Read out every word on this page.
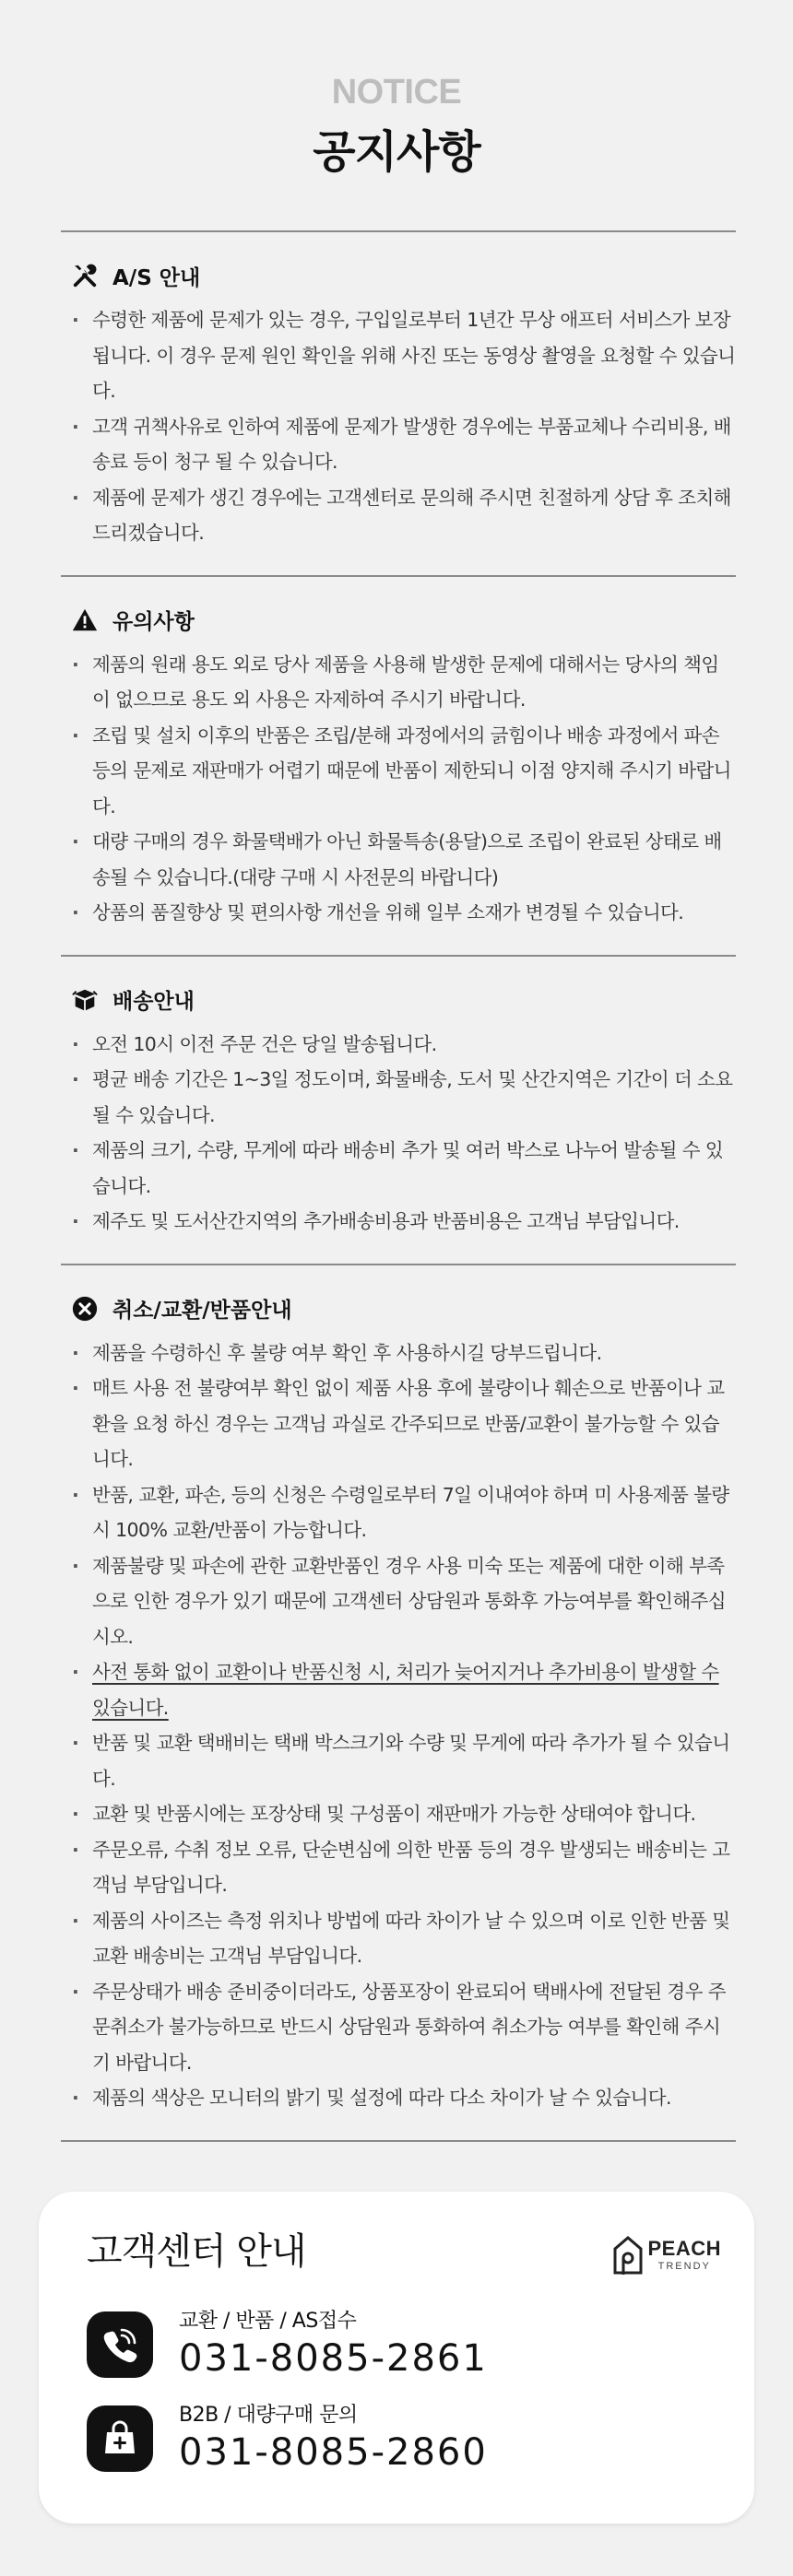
NOTICE
공지사항
A/S 안내
· 수령한 제품에 문제가 있는 경우, 구입일로부터 1년간 무상 애프터 서비스가 보장됩니다. 이 경우 문제 원인 확인을 위해 사진 또는 동영상 촬영을 요청할 수 있습니다.
· 고객 귀책사유로 인하여 제품에 문제가 발생한 경우에는 부품교체나 수리비용, 배송료 등이 청구 될 수 있습니다.
· 제품에 문제가 생긴 경우에는 고객센터로 문의해 주시면 친절하게 상담 후 조치해 드리겠습니다.
유의사항
· 제품의 원래 용도 외로 당사 제품을 사용해 발생한 문제에 대해서는 당사의 책임이 없으므로 용도 외 사용은 자제하여 주시기 바랍니다.
· 조립 및 설치 이후의 반품은 조립/분해 과정에서의 긁힘이나 배송 과정에서 파손 등의 문제로 재판매가 어렵기 때문에 반품이 제한되니 이점 양지해 주시기 바랍니다.
· 대량 구매의 경우 화물택배가 아닌 화물특송(용달)으로 조립이 완료된 상태로 배송될 수 있습니다.(대량 구매 시 사전문의 바랍니다)
· 상품의 품질향상 및 편의사항 개선을 위해 일부 소재가 변경될 수 있습니다.
배송안내
· 오전 10시 이전 주문 건은 당일 발송됩니다.
· 평균 배송 기간은 1~3일 정도이며, 화물배송, 도서 및 산간지역은 기간이 더 소요될 수 있습니다.
· 제품의 크기, 수량, 무게에 따라 배송비 추가 및 여러 박스로 나누어 발송될 수 있습니다.
· 제주도 및 도서산간지역의 추가배송비용과 반품비용은 고객님 부담입니다.
취소/교환/반품안내
· 제품을 수령하신 후 불량 여부 확인 후 사용하시길 당부드립니다.
· 매트 사용 전 불량여부 확인 없이 제품 사용 후에 불량이나 훼손으로 반품이나 교환을 요청 하신 경우는 고객님 과실로 간주되므로 반품/교환이 불가능할 수 있습니다.
· 반품, 교환, 파손, 등의 신청은 수령일로부터 7일 이내여야 하며 미 사용제품 불량시 100% 교환/반품이 가능합니다.
· 제품불량 및 파손에 관한 교환반품인 경우 사용 미숙 또는 제품에 대한 이해 부족으로 인한 경우가 있기 때문에 고객센터 상담원과 통화후 가능여부를 확인해주십시오.
· 사전 통화 없이 교환이나 반품신청 시, 처리가 늦어지거나 추가비용이 발생할 수 있습니다.
· 반품 및 교환 택배비는 택배 박스크기와 수량 및 무게에 따라 추가가 될 수 있습니다.
· 교환 및 반품시에는 포장상태 및 구성품이 재판매가 가능한 상태여야 합니다.
· 주문오류, 수취 정보 오류, 단순변심에 의한 반품 등의 경우 발생되는 배송비는 고객님 부담입니다.
· 제품의 사이즈는 측정 위치나 방법에 따라 차이가 날 수 있으며 이로 인한 반품 및 교환 배송비는 고객님 부담입니다.
· 주문상태가 배송 준비중이더라도, 상품포장이 완료되어 택배사에 전달된 경우 주문취소가 불가능하므로 반드시 상담원과 통화하여 취소가능 여부를 확인해 주시기 바랍니다.
· 제품의 색상은 모니터의 밝기 및 설정에 따라 다소 차이가 날 수 있습니다.
고객센터 안내	PEACH
TRENDY
교환 / 반품 / AS접수
031-8085-2861
B2B / 대량구매 문의
031-8085-2860
